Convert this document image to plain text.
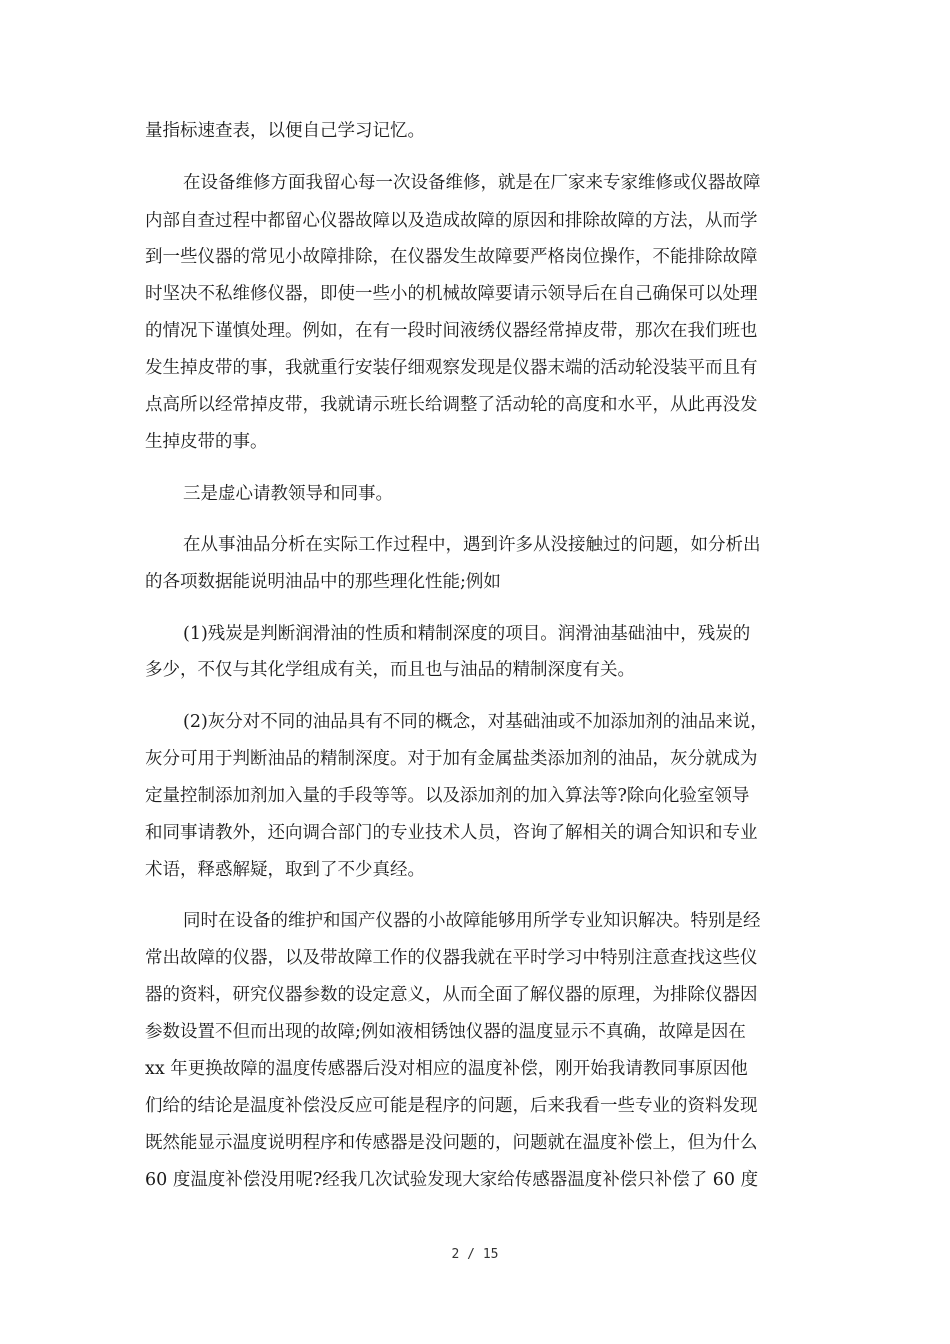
量指标速查表，以便自己学习记忆。
在设备维修方面我留心每一次设备维修，就是在厂家来专家维修或仪器故障
内部自查过程中都留心仪器故障以及造成故障的原因和排除故障的方法，从而学
到一些仪器的常见小故障排除，在仪器发生故障要严格岗位操作，不能排除故障
时坚决不私维修仪器，即使一些小的机械故障要请示领导后在自己确保可以处理
的情况下谨慎处理。例如，在有一段时间液绣仪器经常掉皮带，那次在我们班也
发生掉皮带的事，我就重行安装仔细观察发现是仪器末端的活动轮没装平而且有
点高所以经常掉皮带，我就请示班长给调整了活动轮的高度和水平，从此再没发
生掉皮带的事。
三是虚心请教领导和同事。
在从事油品分析在实际工作过程中，遇到许多从没接触过的问题，如分析出
的各项数据能说明油品中的那些理化性能;例如
(1)残炭是判断润滑油的性质和精制深度的项目。润滑油基础油中，残炭的
多少，不仅与其化学组成有关，而且也与油品的精制深度有关。
(2)灰分对不同的油品具有不同的概念，对基础油或不加添加剂的油品来说，
灰分可用于判断油品的精制深度。对于加有金属盐类添加剂的油品，灰分就成为
定量控制添加剂加入量的手段等等。以及添加剂的加入算法等?除向化验室领导
和同事请教外，还向调合部门的专业技术人员，咨询了解相关的调合知识和专业
术语，释惑解疑，取到了不少真经。
同时在设备的维护和国产仪器的小故障能够用所学专业知识解决。特别是经
常出故障的仪器，以及带故障工作的仪器我就在平时学习中特别注意查找这些仪
器的资料，研究仪器参数的设定意义，从而全面了解仪器的原理，为排除仪器因
参数设置不但而出现的故障;例如液相锈蚀仪器的温度显示不真确，故障是因在
xx 年更换故障的温度传感器后没对相应的温度补偿，刚开始我请教同事原因他
们给的结论是温度补偿没反应可能是程序的问题，后来我看一些专业的资料发现
既然能显示温度说明程序和传感器是没问题的，问题就在温度补偿上，但为什么
60 度温度补偿没用呢?经我几次试验发现大家给传感器温度补偿只补偿了 60 度
2 / 15
